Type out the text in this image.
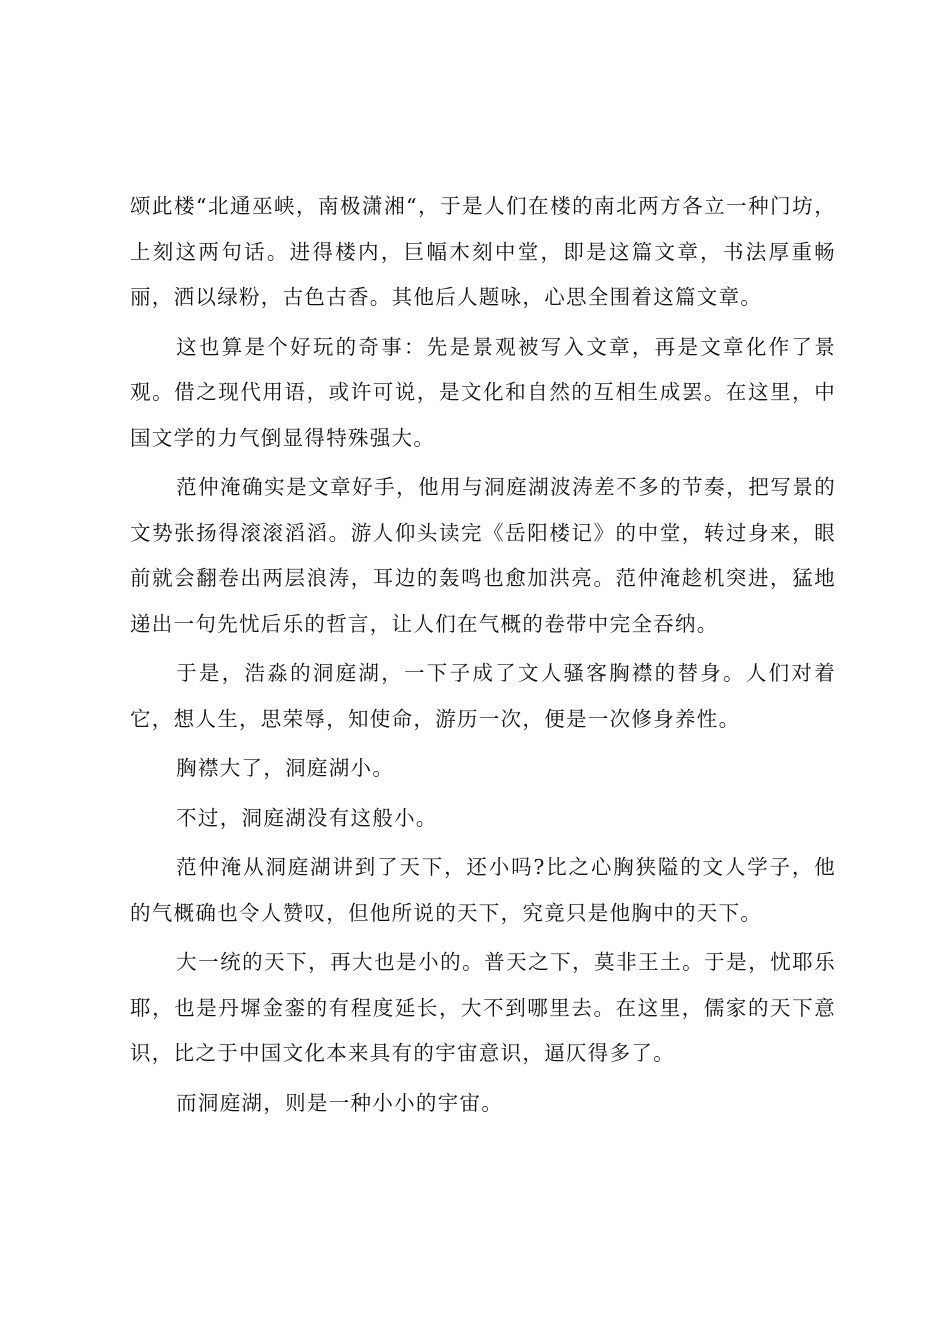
颂此楼“北通巫峡，南极潇湘“，于是人们在楼的南北两方各立一种门坊，上刻这两句话。进得楼内，巨幅木刻中堂，即是这篇文章，书法厚重畅丽，洒以绿粉，古色古香。其他后人题咏，心思全围着这篇文章。

这也算是个好玩的奇事：先是景观被写入文章，再是文章化作了景观。借之现代用语，或许可说，是文化和自然的互相生成罢。在这里，中国文学的力气倒显得特殊强大。

范仲淹确实是文章好手，他用与洞庭湖波涛差不多的节奏，把写景的文势张扬得滚滚滔滔。游人仰头读完《岳阳楼记》的中堂，转过身来，眼前就会翻卷出两层浪涛，耳边的轰鸣也愈加洪亮。范仲淹趁机突进，猛地递出一句先忧后乐的哲言，让人们在气概的卷带中完全吞纳。

于是，浩淼的洞庭湖，一下子成了文人骚客胸襟的替身。人们对着它，想人生，思荣辱，知使命，游历一次，便是一次修身养性。

胸襟大了，洞庭湖小。

不过，洞庭湖没有这般小。

范仲淹从洞庭湖讲到了天下，还小吗?比之心胸狭隘的文人学子，他的气概确也令人赞叹，但他所说的天下，究竟只是他胸中的天下。

大一统的天下，再大也是小的。普天之下，莫非王土。于是，忧耶乐耶，也是丹墀金銮的有程度延长，大不到哪里去。在这里，儒家的天下意识，比之于中国文化本来具有的宇宙意识，逼仄得多了。

而洞庭湖，则是一种小小的宇宙。
